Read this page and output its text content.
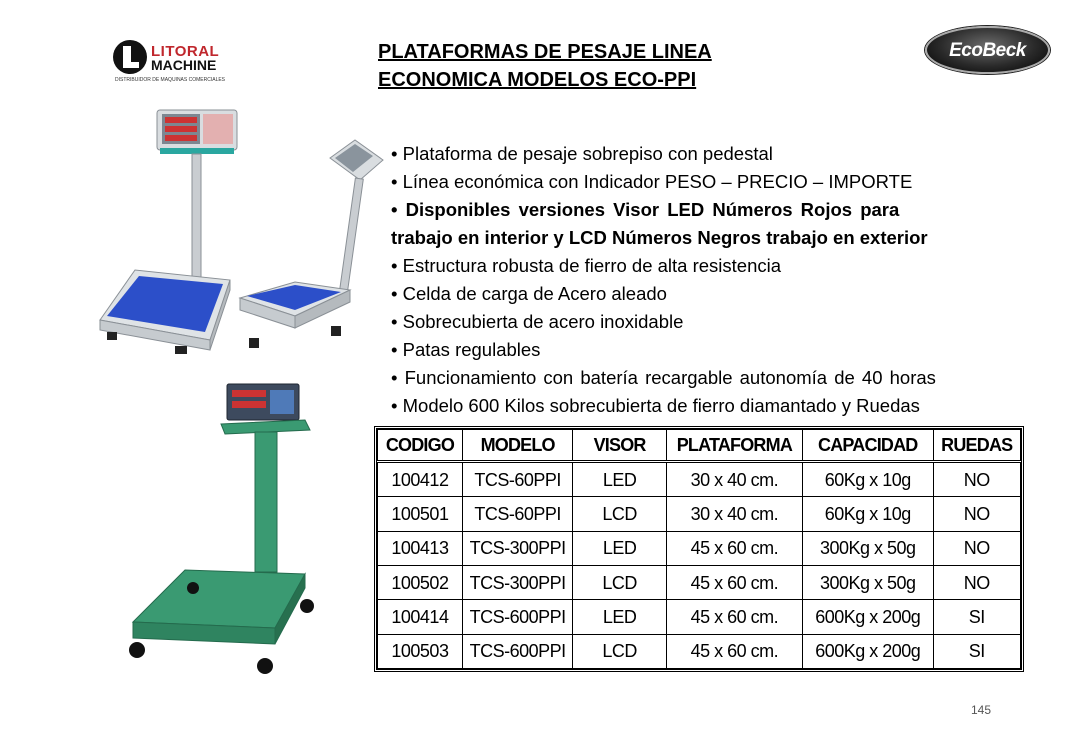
LITORAL
MACHINE
DISTRIBUIDOR DE MAQUINAS COMERCIALES
EcoBeck
PLATAFORMAS DE PESAJE LINEA
ECONOMICA MODELOS ECO-PPI
• Plataforma de pesaje sobrepiso con pedestal
• Línea económica con Indicador PESO – PRECIO – IMPORTE
• Disponibles versiones Visor LED Números Rojos para
trabajo en interior y LCD Números Negros trabajo en exterior
• Estructura robusta de fierro de alta resistencia
• Celda de carga de Acero aleado
• Sobrecubierta de acero inoxidable
• Patas regulables
• Funcionamiento con batería recargable autonomía de 40 horas
• Modelo 600 Kilos sobrecubierta de fierro diamantado y Ruedas
CODIGO	MODELO	VISOR	PLATAFORMA	CAPACIDAD	RUEDAS
100412	TCS-60PPI	LED	30 x 40 cm.	60Kg x 10g	NO
100501	TCS-60PPI	LCD	30 x 40 cm.	60Kg x 10g	NO
100413	TCS-300PPI	LED	45 x 60 cm.	300Kg x 50g	NO
100502	TCS-300PPI	LCD	45 x 60 cm.	300Kg x 50g	NO
100414	TCS-600PPI	LED	45 x 60 cm.	600Kg x 200g	SI
100503	TCS-600PPI	LCD	45 x 60 cm.	600Kg x 200g	SI
145
